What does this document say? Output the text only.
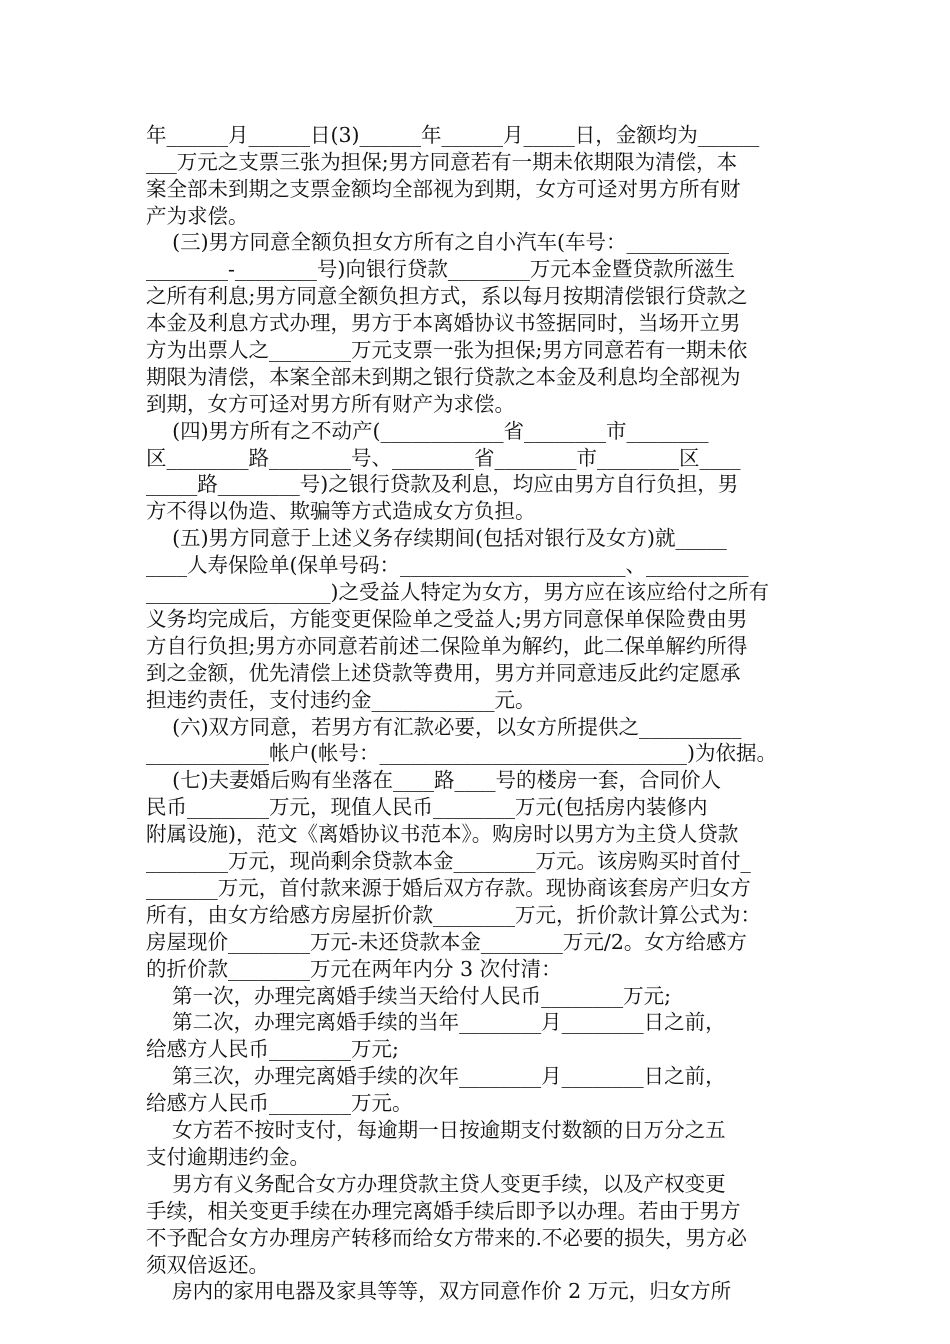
年______月______日(3)______年______月_____日，金额均为______
___万元之支票三张为担保;男方同意若有一期未依期限为清偿，本
案全部未到期之支票金额均全部视为到期，女方可迳对男方所有财
产为求偿。
(三)男方同意全额负担女方所有之自小汽车(车号：__________
________-________号)向银行贷款________万元本金暨贷款所滋生
之所有利息;男方同意全额负担方式，系以每月按期清偿银行贷款之
本金及利息方式办理，男方于本离婚协议书签据同时，当场开立男
方为出票人之________万元支票一张为担保;男方同意若有一期未依
期限为清偿，本案全部未到期之银行贷款之本金及利息均全部视为
到期，女方可迳对男方所有财产为求偿。
(四)男方所有之不动产(____________省________市________
区________路________号、________省________市________区____
_____路________号)之银行贷款及利息，均应由男方自行负担，男
方不得以伪造、欺骗等方式造成女方负担。
(五)男方同意于上述义务存续期间(包括对银行及女方)就_____
____人寿保险单(保单号码：______________________、__________
__________________)之受益人特定为女方，男方应在该应给付之所有
义务均完成后，方能变更保险单之受益人;男方同意保单保险费由男
方自行负担;男方亦同意若前述二保险单为解约，此二保单解约所得
到之金额，优先清偿上述贷款等费用，男方并同意违反此约定愿承
担违约责任，支付违约金____________元。
(六)双方同意，若男方有汇款必要，以女方所提供之__________
____________帐户(帐号：______________________________)为依据。
(七)夫妻婚后购有坐落在____路____号的楼房一套，合同价人
民币________万元，现值人民币________万元(包括房内装修内
附属设施)，范文《离婚协议书范本》。购房时以男方为主贷人贷款
________万元，现尚剩余贷款本金________万元。该房购买时首付_
_______万元，首付款来源于婚后双方存款。现协商该套房产归女方
所有，由女方给感方房屋折价款________万元，折价款计算公式为：
房屋现价________万元-未还贷款本金________万元/2。女方给感方
的折价款________万元在两年内分 3 次付清：
第一次，办理完离婚手续当天给付人民币________万元;
第二次，办理完离婚手续的当年________月________日之前，
给感方人民币________万元;
第三次，办理完离婚手续的次年________月________日之前，
给感方人民币________万元。
女方若不按时支付，每逾期一日按逾期支付数额的日万分之五
支付逾期违约金。
男方有义务配合女方办理贷款主贷人变更手续，以及产权变更
手续，相关变更手续在办理完离婚手续后即予以办理。若由于男方
不予配合女方办理房产转移而给女方带来的.不必要的损失，男方必
须双倍返还。
房内的家用电器及家具等等，双方同意作价 2 万元，归女方所
